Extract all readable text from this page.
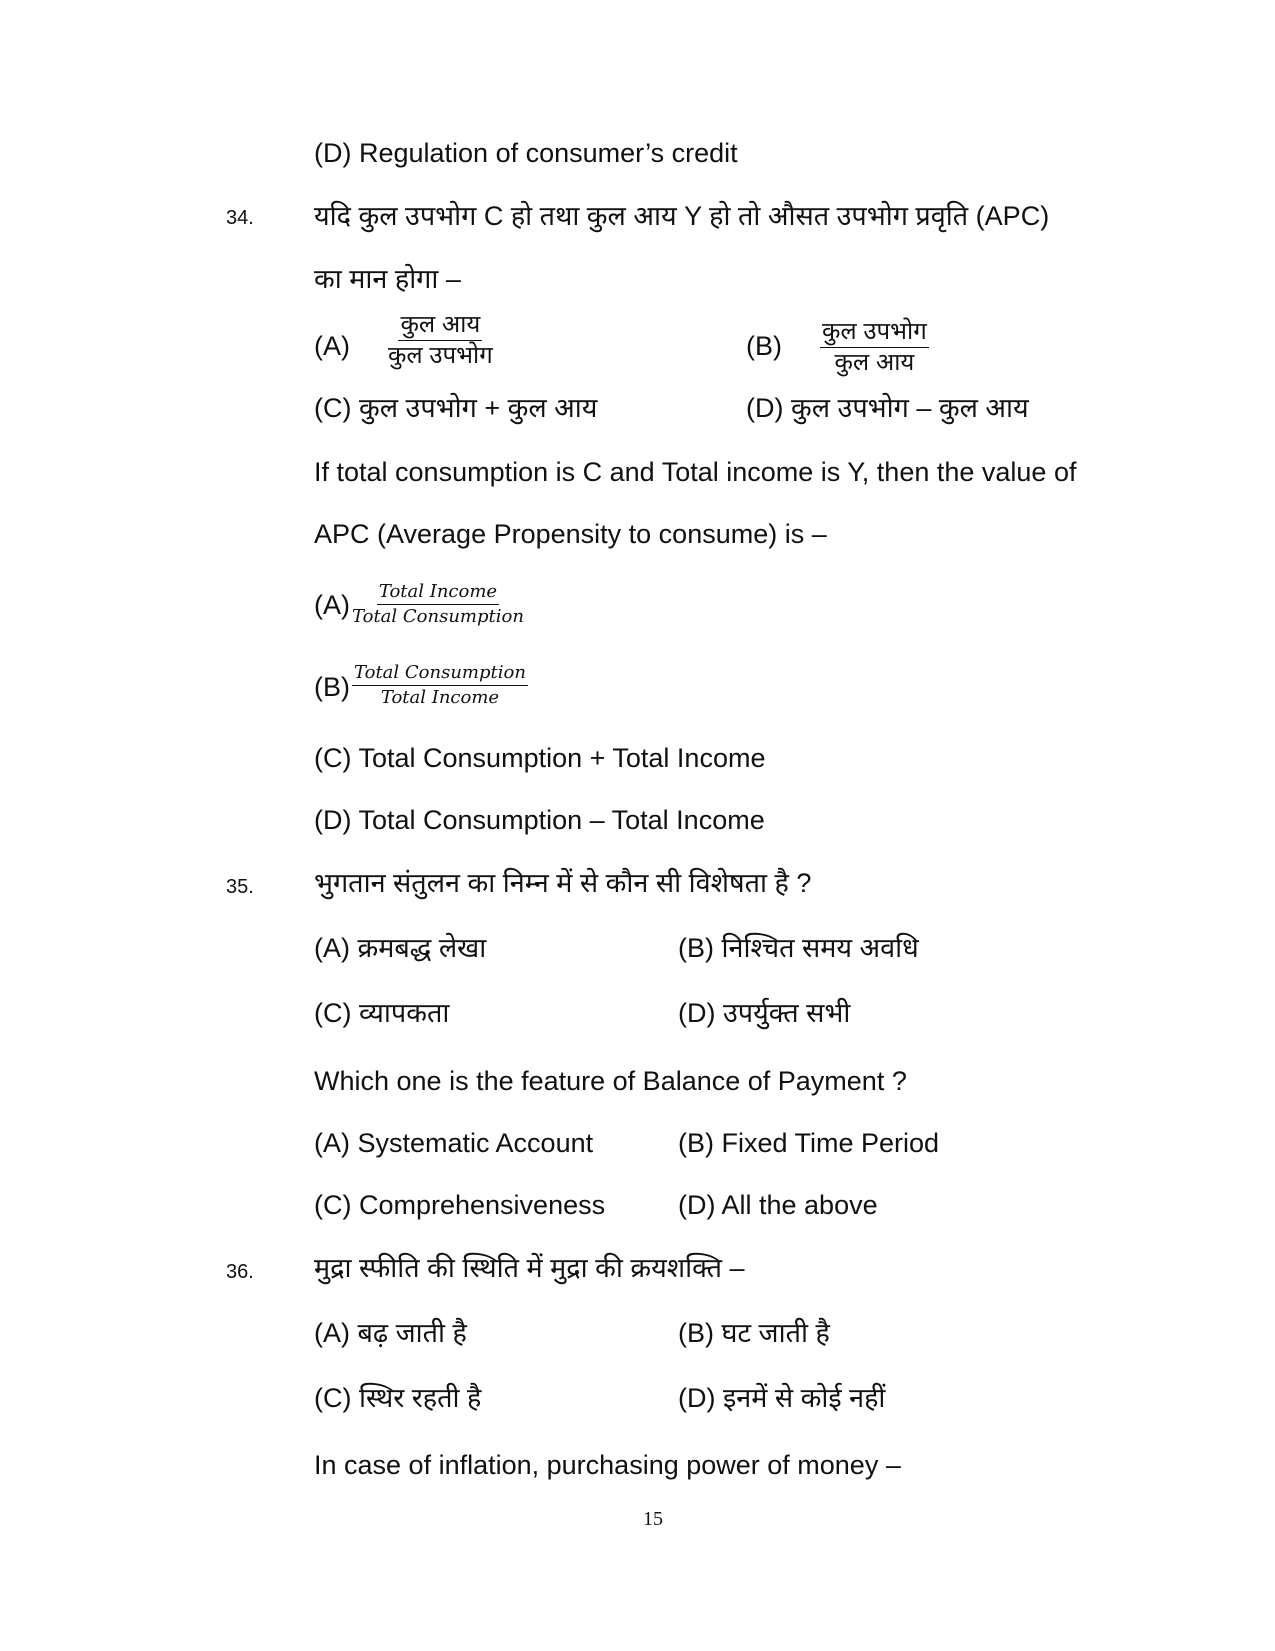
(D) Regulation of consumer’s credit
34. यदि कुल उपभोग C हो तथा कुल आय Y हो तो औसत उपभोग प्रवृति (APC)
का मान होगा –
(A)
कुल आय
कुल उपभोग	(B) कुल उपभोग
कुल आय
(C) कुल उपभोग + कुल आय	(D) कुल उपभोग – कुल आय
If total consumption is C and Total income is Y, then the value of
APC (Average Propensity to consume) is –
(A) Total Income
Total Consumption
(B) Total Consumption
Total Income
(C) Total Consumption + Total Income
(D) Total Consumption – Total Income
35. भुगतान संतुलन का निम्न में से कौन सी विशेषता है ?
(A) क्रमबद्ध लेखा	(B) निश्चित समय अवधि
(C) व्यापकता	(D) उपर्युक्त सभी
Which one is the feature of Balance of Payment ?
(A) Systematic Account	(B) Fixed Time Period
(C) Comprehensiveness	(D) All the above
36. मुद्रा स्फीति की स्थिति में मुद्रा की क्रयशक्ति –
(A) बढ़ जाती है	(B) घट जाती है
(C) स्थिर रहती है	(D) इनमें से कोई नहीं
In case of inflation, purchasing power of money –
15
